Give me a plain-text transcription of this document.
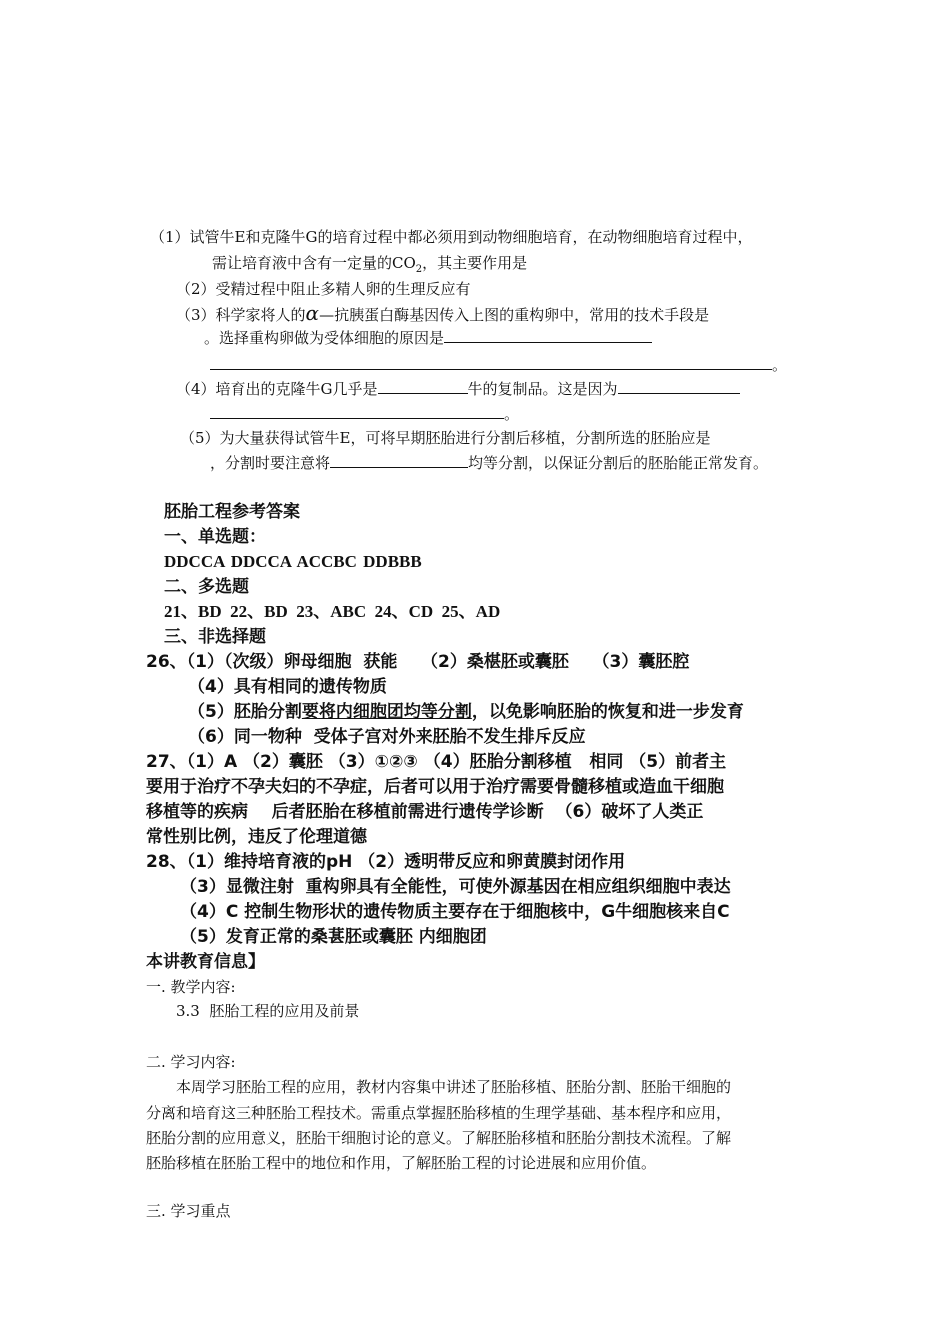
（1）试管牛E和克隆牛G的培育过程中都必须用到动物细胞培育，在动物细胞培育过程中，
需让培育液中含有一定量的$CO_2$，其主要作用是
（2）受精过程中阻止多精人卵的生理反应有
（3）科学家将人的α—抗胰蛋白酶基因传入上图的重构卵中，常用的技术手段是
。选择重构卵做为受体细胞的原因是
。
（4）培育出的克隆牛G几乎是	牛的复制品。这是因为
。
（5）为大量获得试管牛E，可将早期胚胎进行分割后移植，分割所选的胚胎应是
，分割时要注意将	均等分割，以保证分割后的胚胎能正常发育。
胚胎工程参考答案
一、单选题：
DDCCA DDCCA ACCBC DDBBB
二、多选题
21、BD  22、BD  23、ABC  24、CD  25、AD
三、非选择题
26、（1）（次级）卵母细胞  获能    （2）桑椹胚或囊胚    （3）囊胚腔
（4）具有相同的遗传物质
（5）胚胎分割要将内细胞团均等分割，以免影响胚胎的恢复和进一步发育
（6）同一物种  受体子宫对外来胚胎不发生排斥反应
27、（1）A （2）囊胚 （3）①②③ （4）胚胎分割移植   相同 （5）前者主
要用于治疗不孕夫妇的不孕症，后者可以用于治疗需要骨髓移植或造血干细胞
移植等的疾病    后者胚胎在移植前需进行遗传学诊断  （6）破坏了人类正
常性别比例，违反了伦理道德
28、（1）维持培育液的pH （2）透明带反应和卵黄膜封闭作用
（3）显微注射  重构卵具有全能性，可使外源基因在相应组织细胞中表达
（4）C 控制生物形状的遗传物质主要存在于细胞核中，G牛细胞核来自C
（5）发育正常的桑葚胚或囊胚 内细胞团
本讲教育信息】
一. 教学内容:
3.3  胚胎工程的应用及前景
二. 学习内容:
本周学习胚胎工程的应用，教材内容集中讲述了胚胎移植、胚胎分割、胚胎干细胞的
分离和培育这三种胚胎工程技术。需重点掌握胚胎移植的生理学基础、基本程序和应用，
胚胎分割的应用意义，胚胎干细胞讨论的意义。了解胚胎移植和胚胎分割技术流程。了解
胚胎移植在胚胎工程中的地位和作用，了解胚胎工程的讨论进展和应用价值。
三. 学习重点
